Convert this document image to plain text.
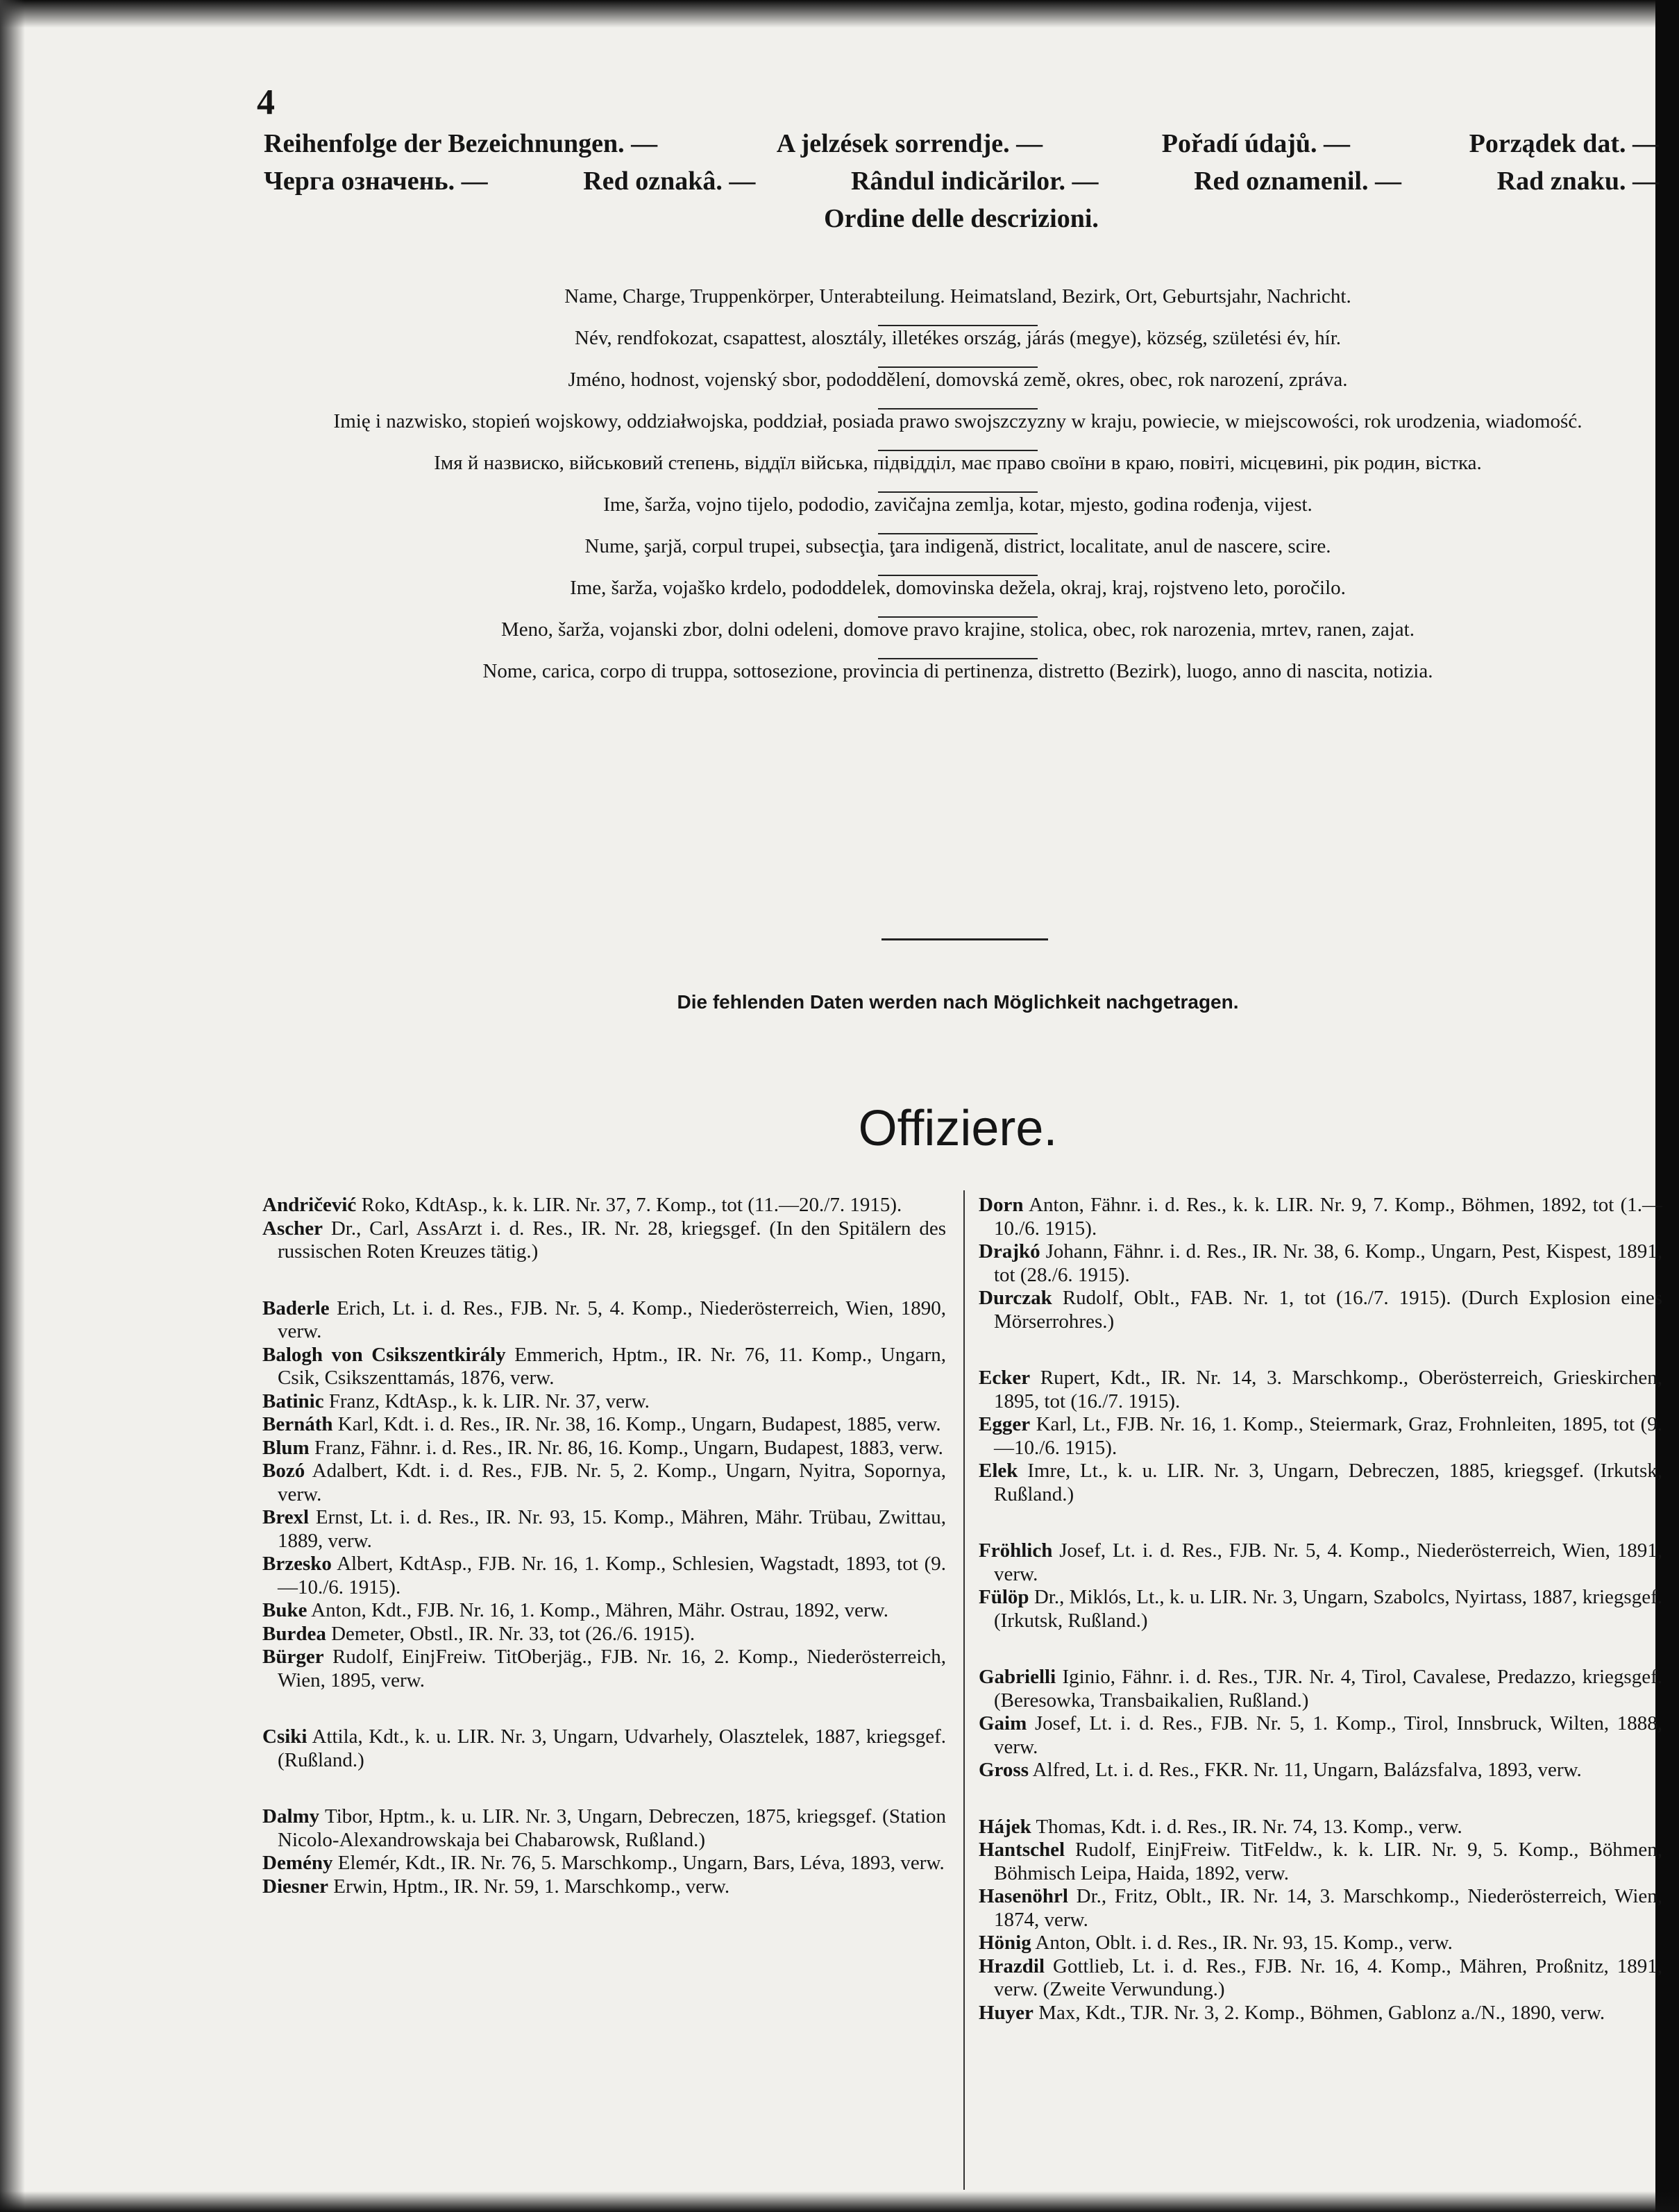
4
Reihenfolge der Bezeichnungen. —	A jelzések sorrendje. —	Pořadí údajů. —	Porządek dat. —
Черга означень. —	Red oznakâ. —	Rândul indicărilor. —	Red oznamenil. —	Rad znaku. —
Ordine delle descrizioni.
Name, Charge, Truppenkörper, Unterabteilung. Heimatsland, Bezirk, Ort, Geburtsjahr, Nachricht.
Név, rendfokozat, csapattest, alosztály, illetékes ország, járás (megye), község, születési év, hír.
Jméno, hodnost, vojenský sbor, pododdělení, domovská země, okres, obec, rok narození, zpráva.
Imię i nazwisko, stopień wojskowy, oddziałwojska, poddział, posiada prawo swojszczyzny w kraju, powiecie, w miejscowości, rok urodzenia, wiadomość.
Імя й назвиско, військовий степень, віддїл війська, підвідділ, має право своїни в краю, повіті, місцевині, рік родин, вістка.
Ime, šarža, vojno tijelo, pododio, zavičajna zemlja, kotar, mjesto, godina rođenja, vijest.
Nume, şarjă, corpul trupei, subsecţia, ţara indigenă, district, localitate, anul de nascere, scire.
Ime, šarža, vojaško krdelo, pododdelek, domovinska dežela, okraj, kraj, rojstveno leto, poročilo.
Meno, šarža, vojanski zbor, dolni odeleni, domove pravo krajine, stolica, obec, rok narozenia, mrtev, ranen, zajat.
Nome, carica, corpo di truppa, sottosezione, provincia di pertinenza, distretto (Bezirk), luogo, anno di nascita, notizia.
Die fehlenden Daten werden nach Möglichkeit nachgetragen.
Offiziere.
Andričević Roko, KdtAsp., k. k. LIR. Nr. 37, 7. Komp., tot (11.—20./7. 1915).
Ascher Dr., Carl, AssArzt i. d. Res., IR. Nr. 28, kriegsgef. (In den Spitälern des russischen Roten Kreuzes tätig.)
Baderle Erich, Lt. i. d. Res., FJB. Nr. 5, 4. Komp., Niederösterreich, Wien, 1890, verw.
Balogh von Csikszentkirály Emmerich, Hptm., IR. Nr. 76, 11. Komp., Ungarn, Csik, Csikszenttamás, 1876, verw.
Batinic Franz, KdtAsp., k. k. LIR. Nr. 37, verw.
Bernáth Karl, Kdt. i. d. Res., IR. Nr. 38, 16. Komp., Ungarn, Budapest, 1885, verw.
Blum Franz, Fähnr. i. d. Res., IR. Nr. 86, 16. Komp., Ungarn, Budapest, 1883, verw.
Bozó Adalbert, Kdt. i. d. Res., FJB. Nr. 5, 2. Komp., Ungarn, Nyitra, Sopornya, verw.
Brexl Ernst, Lt. i. d. Res., IR. Nr. 93, 15. Komp., Mähren, Mähr. Trübau, Zwittau, 1889, verw.
Brzesko Albert, KdtAsp., FJB. Nr. 16, 1. Komp., Schlesien, Wagstadt, 1893, tot (9.—10./6. 1915).
Buke Anton, Kdt., FJB. Nr. 16, 1. Komp., Mähren, Mähr. Ostrau, 1892, verw.
Burdea Demeter, Obstl., IR. Nr. 33, tot (26./6. 1915).
Bürger Rudolf, EinjFreiw. TitOberjäg., FJB. Nr. 16, 2. Komp., Niederösterreich, Wien, 1895, verw.
Csiki Attila, Kdt., k. u. LIR. Nr. 3, Ungarn, Udvarhely, Olasztelek, 1887, kriegsgef. (Rußland.)
Dalmy Tibor, Hptm., k. u. LIR. Nr. 3, Ungarn, Debreczen, 1875, kriegsgef. (Station Nicolo-Alexandrowskaja bei Chabarowsk, Rußland.)
Demény Elemér, Kdt., IR. Nr. 76, 5. Marschkomp., Ungarn, Bars, Léva, 1893, verw.
Diesner Erwin, Hptm., IR. Nr. 59, 1. Marschkomp., verw.
Dorn Anton, Fähnr. i. d. Res., k. k. LIR. Nr. 9, 7. Komp., Böhmen, 1892, tot (1.—10./6. 1915).
Drajkó Johann, Fähnr. i. d. Res., IR. Nr. 38, 6. Komp., Ungarn, Pest, Kispest, 1891, tot (28./6. 1915).
Durczak Rudolf, Oblt., FAB. Nr. 1, tot (16./7. 1915). (Durch Explosion eines Mörserrohres.)
Ecker Rupert, Kdt., IR. Nr. 14, 3. Marschkomp., Oberösterreich, Grieskirchen, 1895, tot (16./7. 1915).
Egger Karl, Lt., FJB. Nr. 16, 1. Komp., Steiermark, Graz, Frohnleiten, 1895, tot (9.—10./6. 1915).
Elek Imre, Lt., k. u. LIR. Nr. 3, Ungarn, Debreczen, 1885, kriegsgef. (Irkutsk, Rußland.)
Fröhlich Josef, Lt. i. d. Res., FJB. Nr. 5, 4. Komp., Niederösterreich, Wien, 1891, verw.
Fülöp Dr., Miklós, Lt., k. u. LIR. Nr. 3, Ungarn, Szabolcs, Nyirtass, 1887, kriegsgef. (Irkutsk, Rußland.)
Gabrielli Iginio, Fähnr. i. d. Res., TJR. Nr. 4, Tirol, Cavalese, Predazzo, kriegsgef. (Beresowka, Transbaikalien, Rußland.)
Gaim Josef, Lt. i. d. Res., FJB. Nr. 5, 1. Komp., Tirol, Innsbruck, Wilten, 1888, verw.
Gross Alfred, Lt. i. d. Res., FKR. Nr. 11, Ungarn, Balázsfalva, 1893, verw.
Hájek Thomas, Kdt. i. d. Res., IR. Nr. 74, 13. Komp., verw.
Hantschel Rudolf, EinjFreiw. TitFeldw., k. k. LIR. Nr. 9, 5. Komp., Böhmen, Böhmisch Leipa, Haida, 1892, verw.
Hasenöhrl Dr., Fritz, Oblt., IR. Nr. 14, 3. Marschkomp., Niederösterreich, Wien, 1874, verw.
Hönig Anton, Oblt. i. d. Res., IR. Nr. 93, 15. Komp., verw.
Hrazdil Gottlieb, Lt. i. d. Res., FJB. Nr. 16, 4. Komp., Mähren, Proßnitz, 1891, verw. (Zweite Verwundung.)
Huyer Max, Kdt., TJR. Nr. 3, 2. Komp., Böhmen, Gablonz a./N., 1890, verw.
